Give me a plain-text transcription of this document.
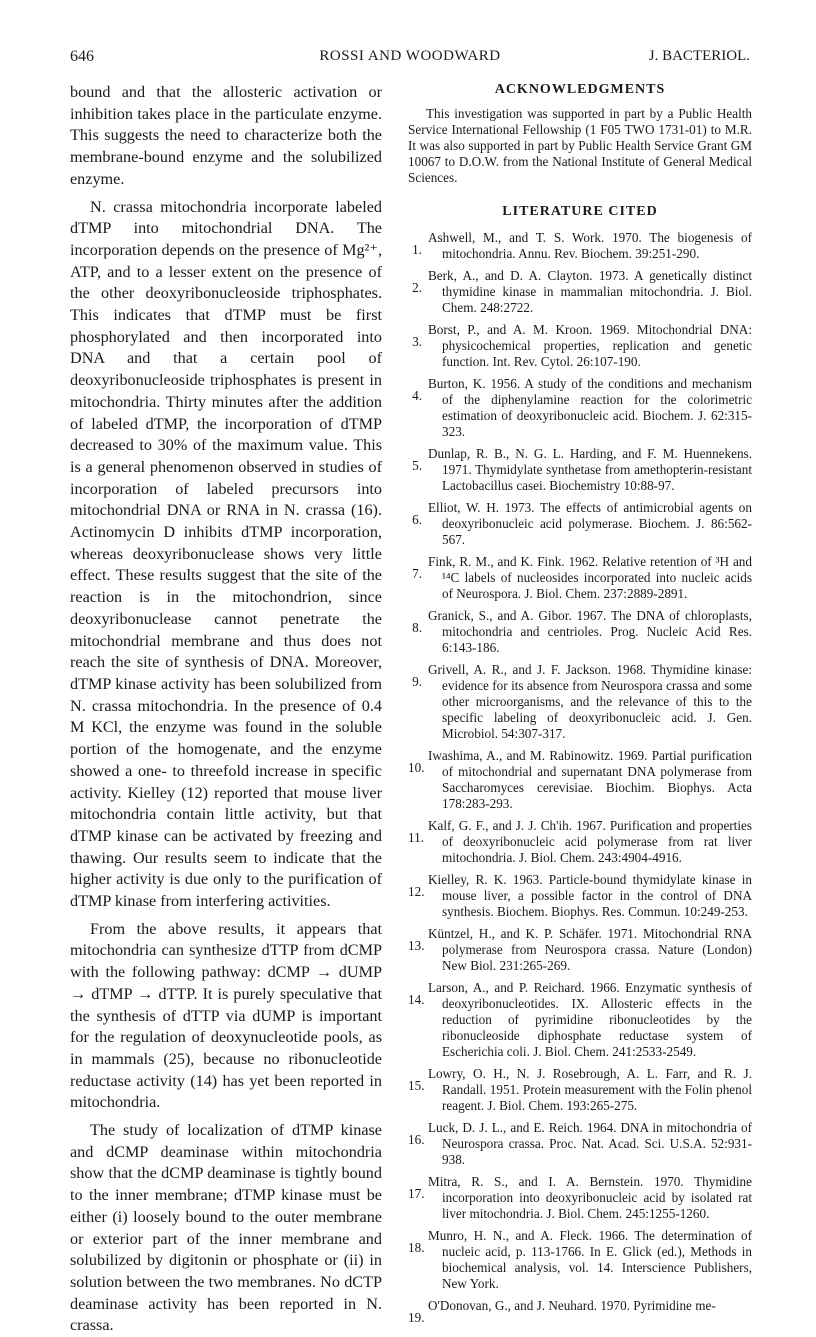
646	ROSSI AND WOODWARD	J. BACTERIOL.

bound and that the allosteric activation or inhibition takes place in the particulate enzyme. This suggests the need to characterize both the membrane-bound enzyme and the solubilized enzyme.

N. crassa mitochondria incorporate labeled dTMP into mitochondrial DNA. The incorporation depends on the presence of Mg²⁺, ATP, and to a lesser extent on the presence of the other deoxyribonucleoside triphosphates. This indicates that dTMP must be first phosphorylated and then incorporated into DNA and that a certain pool of deoxyribonucleoside triphosphates is present in mitochondria. Thirty minutes after the addition of labeled dTMP, the incorporation of dTMP decreased to 30% of the maximum value. This is a general phenomenon observed in studies of incorporation of labeled precursors into mitochondrial DNA or RNA in N. crassa (16). Actinomycin D inhibits dTMP incorporation, whereas deoxyribonuclease shows very little effect. These results suggest that the site of the reaction is in the mitochondrion, since deoxyribonuclease cannot penetrate the mitochondrial membrane and thus does not reach the site of synthesis of DNA. Moreover, dTMP kinase activity has been solubilized from N. crassa mitochondria. In the presence of 0.4 M KCl, the enzyme was found in the soluble portion of the homogenate, and the enzyme showed a one- to threefold increase in specific activity. Kielley (12) reported that mouse liver mitochondria contain little activity, but that dTMP kinase can be activated by freezing and thawing. Our results seem to indicate that the higher activity is due only to the purification of dTMP kinase from interfering activities.

From the above results, it appears that mitochondria can synthesize dTTP from dCMP with the following pathway: dCMP → dUMP → dTMP → dTTP. It is purely speculative that the synthesis of dTTP via dUMP is important for the regulation of deoxynucleotide pools, as in mammals (25), because no ribonucleotide reductase activity (14) has yet been reported in mitochondria.

The study of localization of dTMP kinase and dCMP deaminase within mitochondria show that the dCMP deaminase is tightly bound to the inner membrane; dTMP kinase must be either (i) loosely bound to the outer membrane or exterior part of the inner membrane and solubilized by digitonin or phosphate or (ii) in solution between the two membranes. No dCTP deaminase activity has been reported in N. crassa.

ACKNOWLEDGMENTS

This investigation was supported in part by a Public Health Service International Fellowship (1 F05 TWO 1731-01) to M.R. It was also supported in part by Public Health Service Grant GM 10067 to D.O.W. from the National Institute of General Medical Sciences.

LITERATURE CITED
1.
Ashwell, M., and T. S. Work. 1970. The biogenesis of mitochondria. Annu. Rev. Biochem. 39:251-290.
2.
Berk, A., and D. A. Clayton. 1973. A genetically distinct thymidine kinase in mammalian mitochondria. J. Biol. Chem. 248:2722.
3.
Borst, P., and A. M. Kroon. 1969. Mitochondrial DNA: physicochemical properties, replication and genetic function. Int. Rev. Cytol. 26:107-190.
4.
Burton, K. 1956. A study of the conditions and mechanism of the diphenylamine reaction for the colorimetric estimation of deoxyribonucleic acid. Biochem. J. 62:315-323.
5.
Dunlap, R. B., N. G. L. Harding, and F. M. Huennekens. 1971. Thymidylate synthetase from amethopterin-resistant Lactobacillus casei. Biochemistry 10:88-97.
6.
Elliot, W. H. 1973. The effects of antimicrobial agents on deoxyribonucleic acid polymerase. Biochem. J. 86:562-567.
7.
Fink, R. M., and K. Fink. 1962. Relative retention of ³H and ¹⁴C labels of nucleosides incorporated into nucleic acids of Neurospora. J. Biol. Chem. 237:2889-2891.
8.
Granick, S., and A. Gibor. 1967. The DNA of chloroplasts, mitochondria and centrioles. Prog. Nucleic Acid Res. 6:143-186.
9.
Grivell, A. R., and J. F. Jackson. 1968. Thymidine kinase: evidence for its absence from Neurospora crassa and some other microorganisms, and the relevance of this to the specific labeling of deoxyribonucleic acid. J. Gen. Microbiol. 54:307-317.
10.
Iwashima, A., and M. Rabinowitz. 1969. Partial purification of mitochondrial and supernatant DNA polymerase from Saccharomyces cerevisiae. Biochim. Biophys. Acta 178:283-293.
11.
Kalf, G. F., and J. J. Ch'ih. 1967. Purification and properties of deoxyribonucleic acid polymerase from rat liver mitochondria. J. Biol. Chem. 243:4904-4916.
12.
Kielley, R. K. 1963. Particle-bound thymidylate kinase in mouse liver, a possible factor in the control of DNA synthesis. Biochem. Biophys. Res. Commun. 10:249-253.
13.
Küntzel, H., and K. P. Schäfer. 1971. Mitochondrial RNA polymerase from Neurospora crassa. Nature (London) New Biol. 231:265-269.
14.
Larson, A., and P. Reichard. 1966. Enzymatic synthesis of deoxyribonucleotides. IX. Allosteric effects in the reduction of pyrimidine ribonucleotides by the ribonucleoside diphosphate reductase system of Escherichia coli. J. Biol. Chem. 241:2533-2549.
15.
Lowry, O. H., N. J. Rosebrough, A. L. Farr, and R. J. Randall. 1951. Protein measurement with the Folin phenol reagent. J. Biol. Chem. 193:265-275.
16.
Luck, D. J. L., and E. Reich. 1964. DNA in mitochondria of Neurospora crassa. Proc. Nat. Acad. Sci. U.S.A. 52:931-938.
17.
Mitra, R. S., and I. A. Bernstein. 1970. Thymidine incorporation into deoxyribonucleic acid by isolated rat liver mitochondria. J. Biol. Chem. 245:1255-1260.
18.
Munro, H. N., and A. Fleck. 1966. The determination of nucleic acid, p. 113-1766. In E. Glick (ed.), Methods in biochemical analysis, vol. 14. Interscience Publishers, New York.
19.
O'Donovan, G., and J. Neuhard. 1970. Pyrimidine me-
